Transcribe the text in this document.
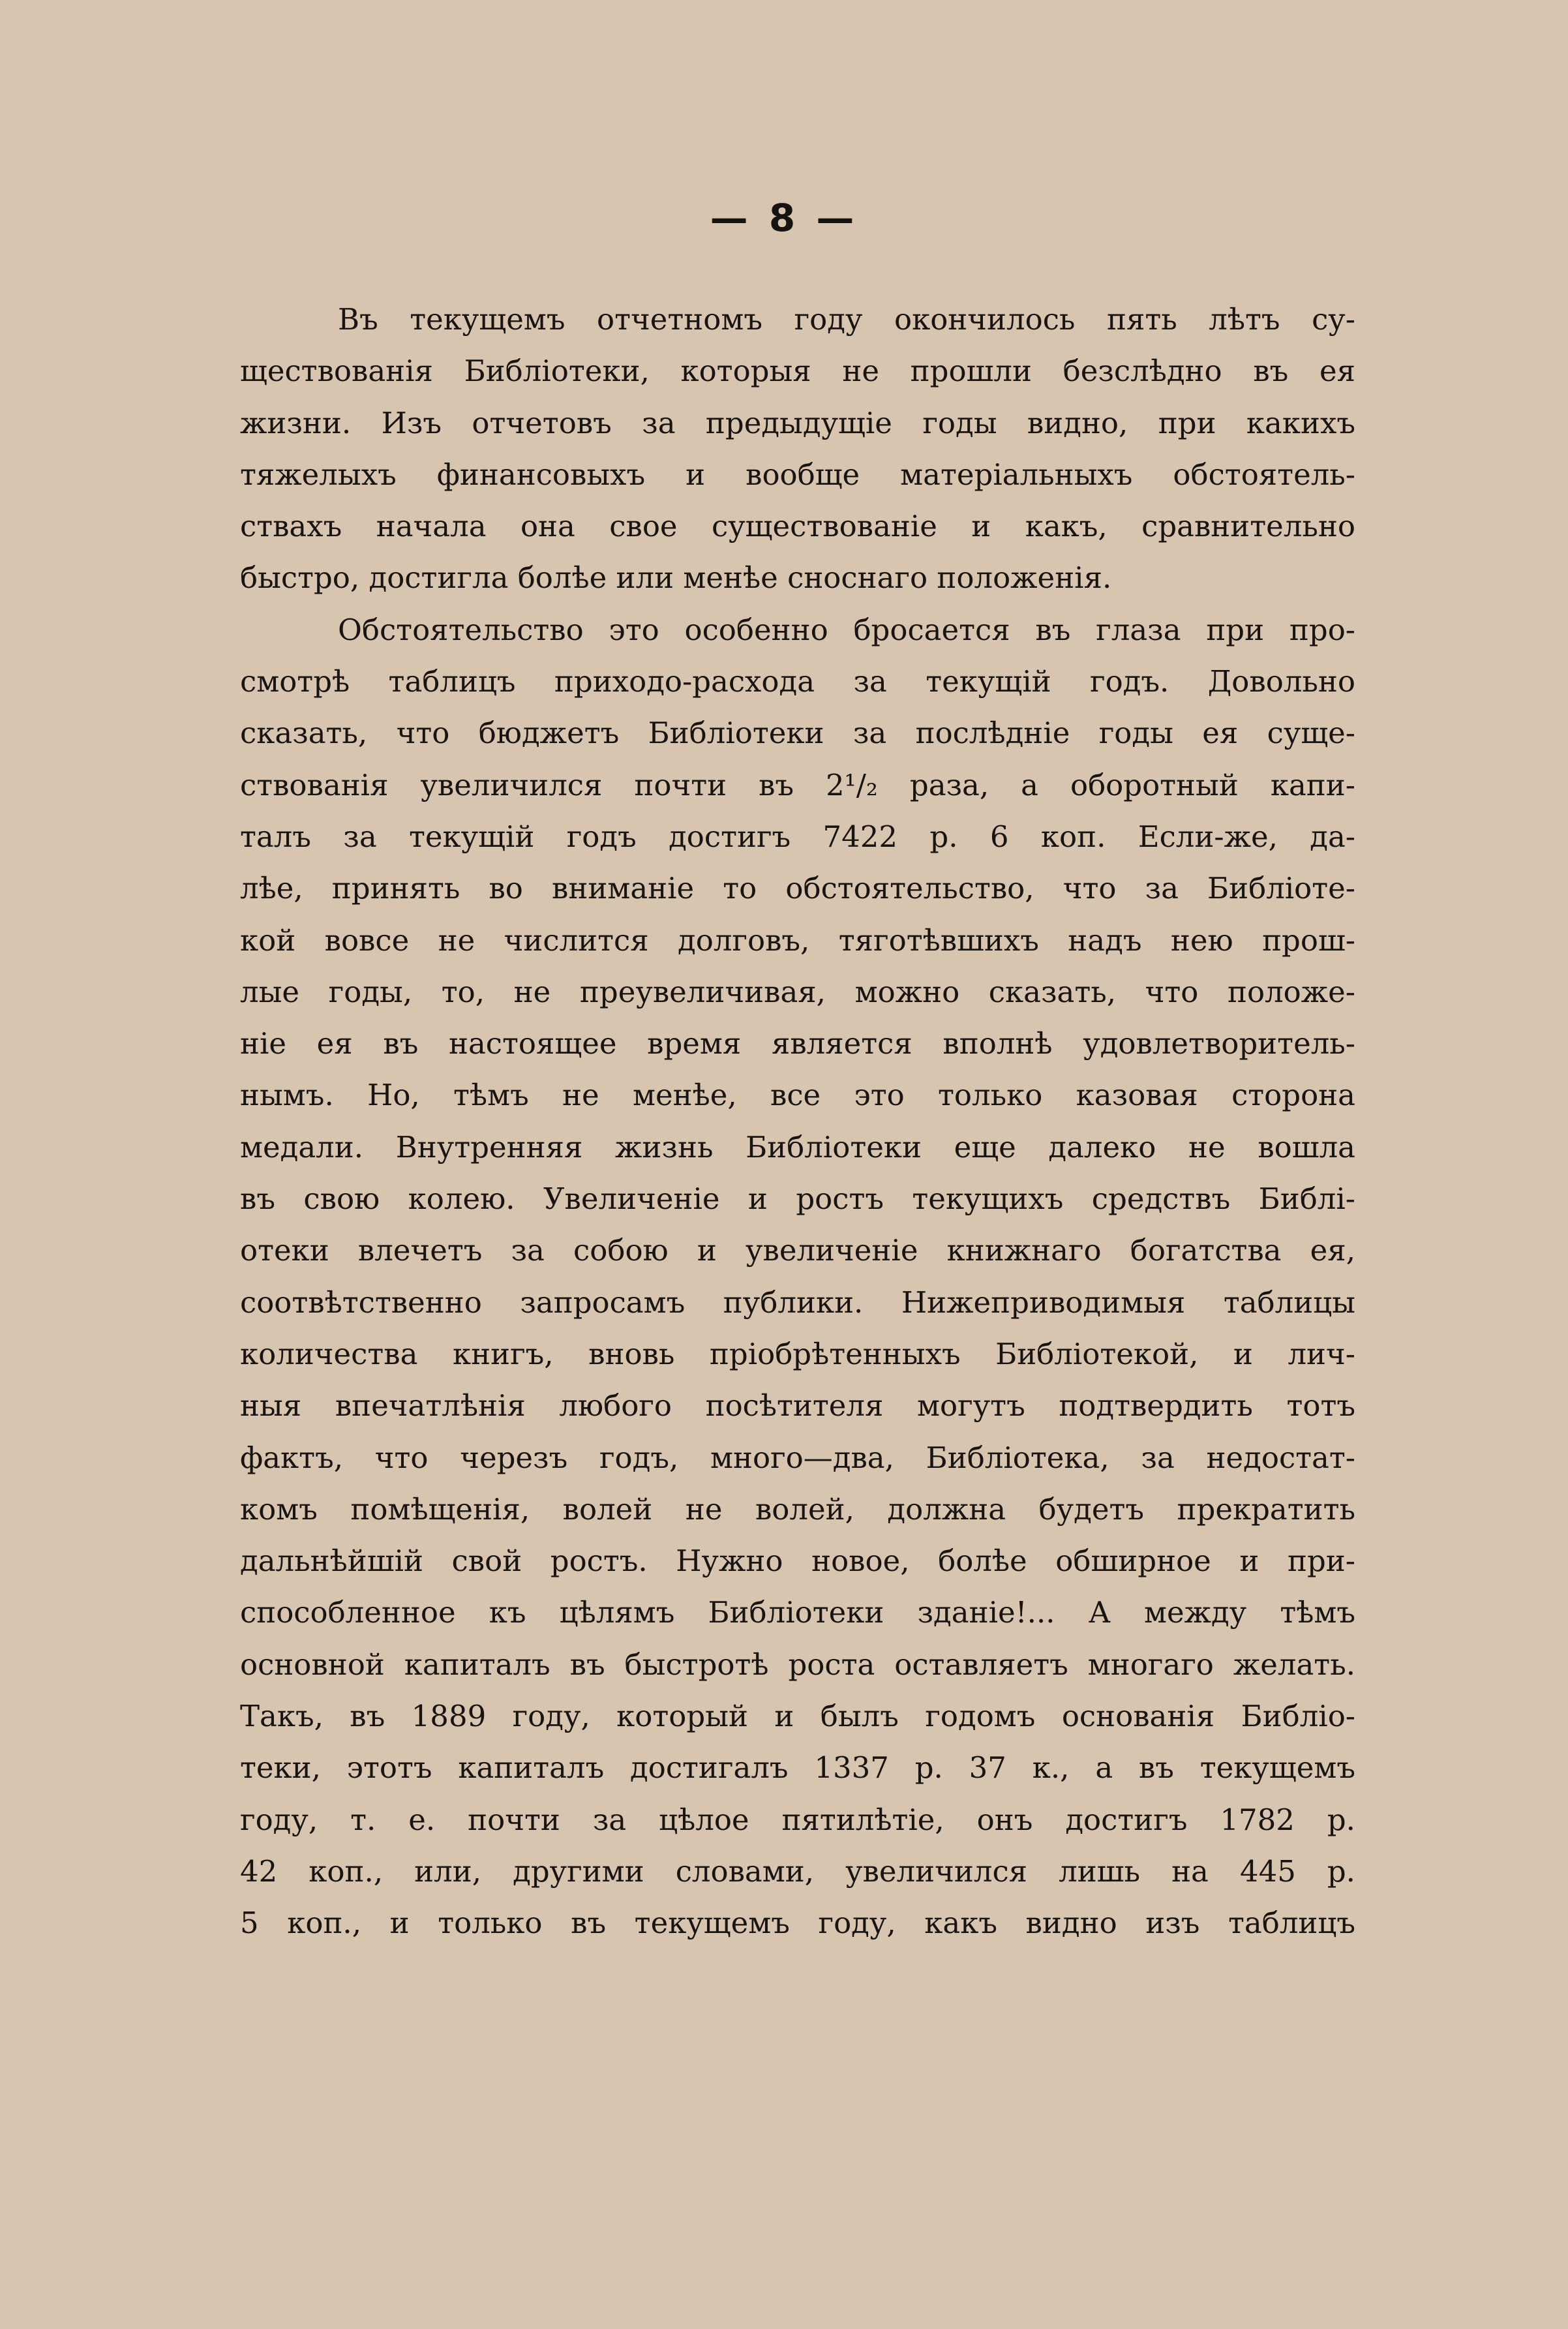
— 8 —
Въ текущемъ отчетномъ году окончилось пять лѣтъ су-
ществованія Библіотеки, которыя не прошли безслѣдно въ ея
жизни. Изъ отчетовъ за предыдущіе годы видно, при какихъ
тяжелыхъ финансовыхъ и вообще матеріальныхъ обстоятель-
ствахъ начала она свое существованіе и какъ, сравнительно
быстро, достигла болѣе или менѣе сноснаго положенія.
Обстоятельство это особенно бросается въ глаза при про-
смотрѣ таблицъ приходо-расхода за текущій годъ. Довольно
сказать, что бюджетъ Библіотеки за послѣдніе годы ея суще-
ствованія увеличился почти въ 2¹/₂ раза, а оборотный капи-
талъ за текущій годъ достигъ 7422 р. 6 коп. Если-же, да-
лѣе, принять во вниманіе то обстоятельство, что за Библіоте-
кой вовсе не числится долговъ, тяготѣвшихъ надъ нею прош-
лые годы, то, не преувеличивая, можно сказать, что положе-
ніе ея въ настоящее время является вполнѣ удовлетворитель-
нымъ. Но, тѣмъ не менѣе, все это только казовая сторона
медали. Внутренняя жизнь Библіотеки еще далеко не вошла
въ свою колею. Увеличеніе и ростъ текущихъ средствъ Библі-
отеки влечетъ за собою и увеличеніе книжнаго богатства ея,
соотвѣтственно запросамъ публики. Нижеприводимыя таблицы
количества книгъ, вновь пріобрѣтенныхъ Библіотекой, и лич-
ныя впечатлѣнія любого посѣтителя могутъ подтвердить тотъ
фактъ, что черезъ годъ, много—два, Библіотека, за недостат-
комъ помѣщенія, волей не волей, должна будетъ прекратить
дальнѣйшій свой ростъ. Нужно новое, болѣе обширное и при-
способленное къ цѣлямъ Библіотеки зданіе!... А между тѣмъ
основной капиталъ въ быстротѣ роста оставляетъ многаго желать.
Такъ, въ 1889 году, который и былъ годомъ основанія Библіо-
теки, этотъ капиталъ достигалъ 1337 р. 37 к., а въ текущемъ
году, т. е. почти за цѣлое пятилѣтіе, онъ достигъ 1782 р.
42 коп., или, другими словами, увеличился лишь на 445 р.
5 коп., и только въ текущемъ году, какъ видно изъ таблицъ
